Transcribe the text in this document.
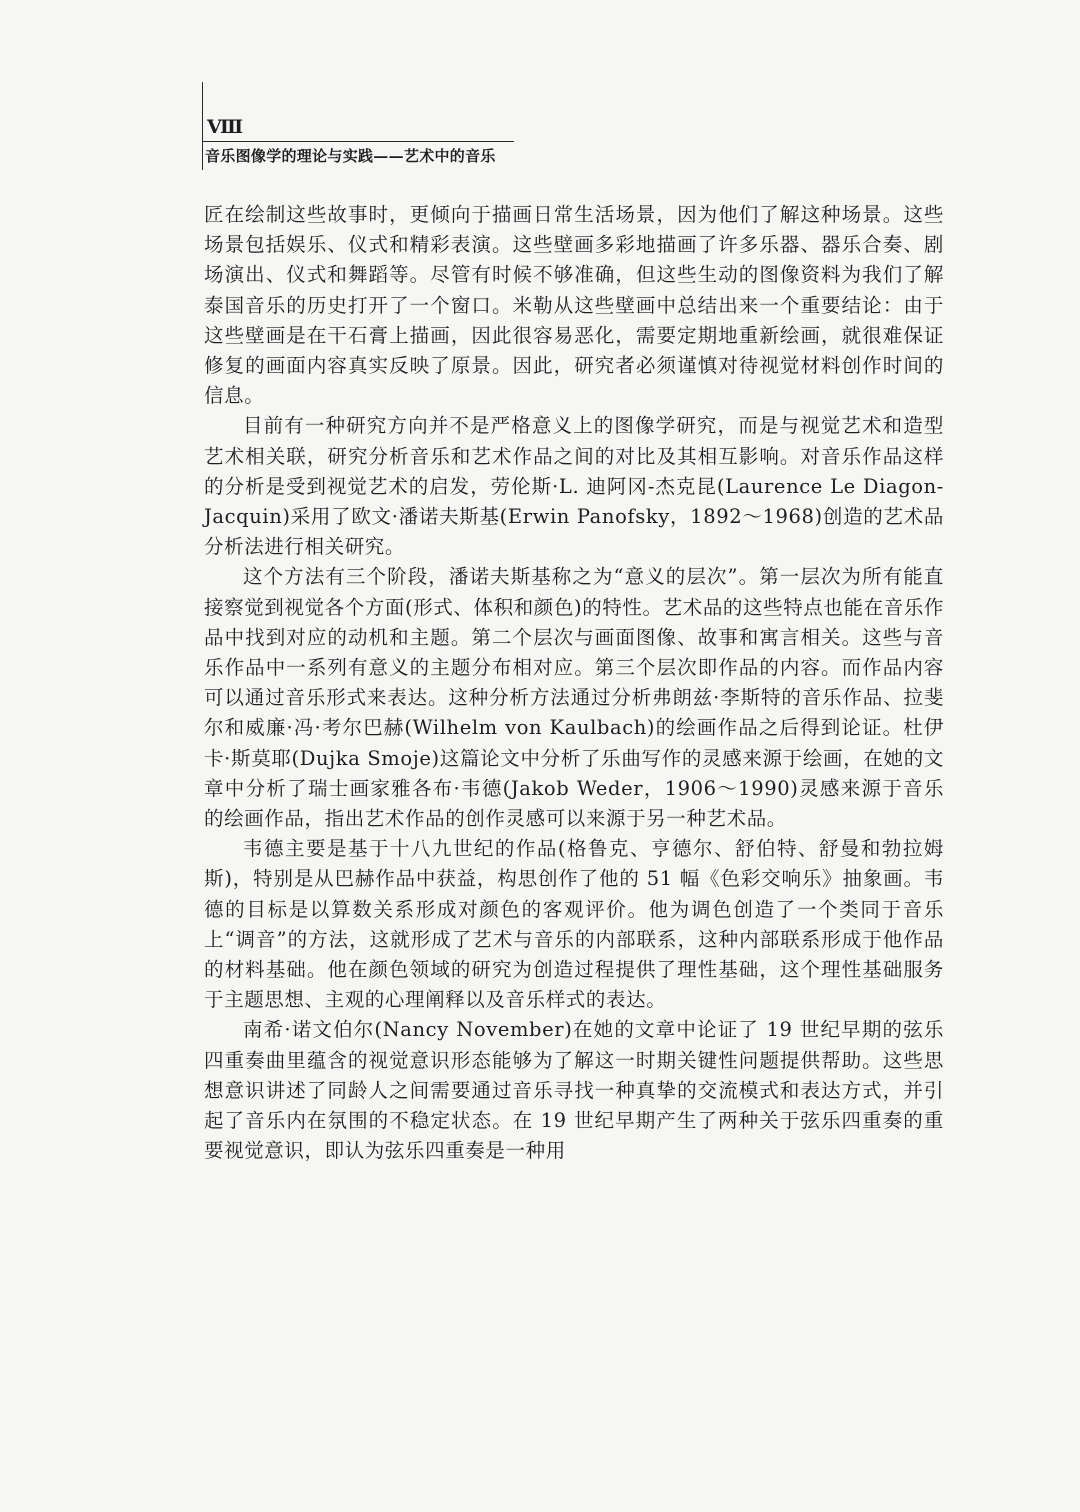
Ⅷ
音乐图像学的理论与实践——艺术中的音乐

匠在绘制这些故事时，更倾向于描画日常生活场景，因为他们了解这种场景。这些场景包括娱乐、仪式和精彩表演。这些壁画多彩地描画了许多乐器、器乐合奏、剧场演出、仪式和舞蹈等。尽管有时候不够准确，但这些生动的图像资料为我们了解泰国音乐的历史打开了一个窗口。米勒从这些壁画中总结出来一个重要结论：由于这些壁画是在干石膏上描画，因此很容易恶化，需要定期地重新绘画，就很难保证修复的画面内容真实反映了原景。因此，研究者必须谨慎对待视觉材料创作时间的信息。

目前有一种研究方向并不是严格意义上的图像学研究，而是与视觉艺术和造型艺术相关联，研究分析音乐和艺术作品之间的对比及其相互影响。对音乐作品这样的分析是受到视觉艺术的启发，劳伦斯·L. 迪阿冈-杰克昆(Laurence Le Diagon-Jacquin)采用了欧文·潘诺夫斯基(Erwin Panofsky，1892～1968)创造的艺术品分析法进行相关研究。

这个方法有三个阶段，潘诺夫斯基称之为“意义的层次”。第一层次为所有能直接察觉到视觉各个方面(形式、体积和颜色)的特性。艺术品的这些特点也能在音乐作品中找到对应的动机和主题。第二个层次与画面图像、故事和寓言相关。这些与音乐作品中一系列有意义的主题分布相对应。第三个层次即作品的内容。而作品内容可以通过音乐形式来表达。这种分析方法通过分析弗朗兹·李斯特的音乐作品、拉斐尔和威廉·冯·考尔巴赫(Wilhelm von Kaulbach)的绘画作品之后得到论证。杜伊卡·斯莫耶(Dujka Smoje)这篇论文中分析了乐曲写作的灵感来源于绘画，在她的文章中分析了瑞士画家雅各布·韦德(Jakob Weder，1906～1990)灵感来源于音乐的绘画作品，指出艺术作品的创作灵感可以来源于另一种艺术品。

韦德主要是基于十八九世纪的作品(格鲁克、亨德尔、舒伯特、舒曼和勃拉姆斯)，特别是从巴赫作品中获益，构思创作了他的 51 幅《色彩交响乐》抽象画。韦德的目标是以算数关系形成对颜色的客观评价。他为调色创造了一个类同于音乐上“调音”的方法，这就形成了艺术与音乐的内部联系，这种内部联系形成于他作品的材料基础。他在颜色领域的研究为创造过程提供了理性基础，这个理性基础服务于主题思想、主观的心理阐释以及音乐样式的表达。

南希·诺文伯尔(Nancy November)在她的文章中论证了 19 世纪早期的弦乐四重奏曲里蕴含的视觉意识形态能够为了解这一时期关键性问题提供帮助。这些思想意识讲述了同龄人之间需要通过音乐寻找一种真挚的交流模式和表达方式，并引起了音乐内在氛围的不稳定状态。在 19 世纪早期产生了两种关于弦乐四重奏的重要视觉意识，即认为弦乐四重奏是一种用
